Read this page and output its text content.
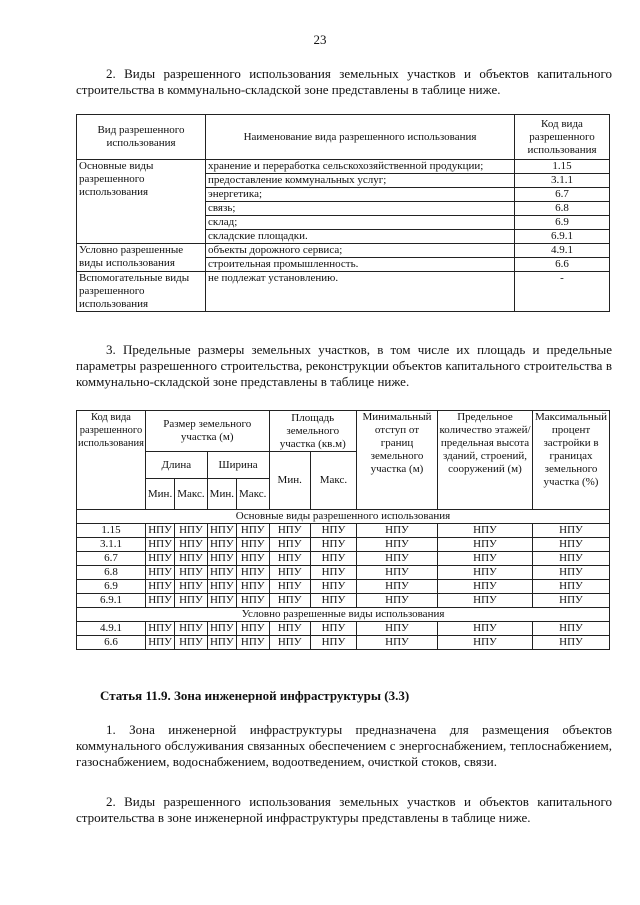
23

2. Виды разрешенного использования земельных участков и объектов капитального строительства в коммунально-складской зоне представлены в таблице ниже.

Вид разрешенного использования	Наименование вида разрешенного использования	Код вида разрешенного использования
Основные виды разрешенного использования	хранение и переработка сельскохозяйственной продукции;	1.15
	предоставление коммунальных услуг;	3.1.1
	энергетика;	6.7
	связь;	6.8
	склад;	6.9
	складские площадки.	6.9.1
Условно разрешенные виды использования	объекты дорожного сервиса;	4.9.1
	строительная промышленность.	6.6
Вспомогательные виды разрешенного использования	не подлежат установлению.	-

3. Предельные размеры земельных участков, в том числе их площадь и предельные параметры разрешенного строительства, реконструкции объектов капитального строительства в коммунально-складской зоне представлены в таблице ниже.

Код вида разрешенного использования	Размер земельного участка (м)				Площадь земельного участка (кв.м)		Минимальный отступ от границ земельного участка (м)	Предельное количество этажей/ предельная высота зданий, строений, сооружений (м)	Максимальный процент застройки в границах земельного участка (%)
	Длина		Ширина		Мин.	Макс.			
	Мин.	Макс.	Мин.	Макс.					
Основные виды разрешенного использования									
1.15	НПУ	НПУ	НПУ	НПУ	НПУ	НПУ	НПУ	НПУ	НПУ
3.1.1	НПУ	НПУ	НПУ	НПУ	НПУ	НПУ	НПУ	НПУ	НПУ
6.7	НПУ	НПУ	НПУ	НПУ	НПУ	НПУ	НПУ	НПУ	НПУ
6.8	НПУ	НПУ	НПУ	НПУ	НПУ	НПУ	НПУ	НПУ	НПУ
6.9	НПУ	НПУ	НПУ	НПУ	НПУ	НПУ	НПУ	НПУ	НПУ
6.9.1	НПУ	НПУ	НПУ	НПУ	НПУ	НПУ	НПУ	НПУ	НПУ
Условно разрешенные виды использования									
4.9.1	НПУ	НПУ	НПУ	НПУ	НПУ	НПУ	НПУ	НПУ	НПУ
6.6	НПУ	НПУ	НПУ	НПУ	НПУ	НПУ	НПУ	НПУ	НПУ
Статья 11.9. Зона инженерной инфраструктуры (3.3)

1. Зона инженерной инфраструктуры предназначена для размещения объектов коммунального обслуживания связанных обеспечением с энергоснабжением, теплоснабжением, газоснабжением, водоснабжением, водоотведением, очисткой стоков, связи.

2. Виды разрешенного использования земельных участков и объектов капитального строительства в зоне инженерной инфраструктуры представлены в таблице ниже.
